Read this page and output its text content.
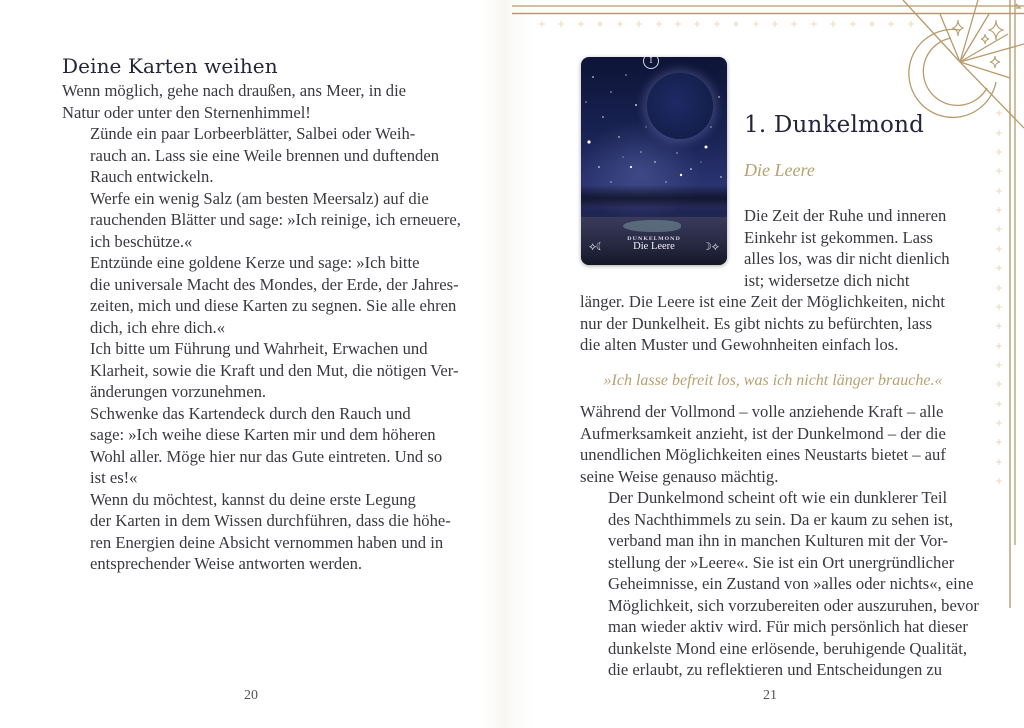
Deine Karten weihen

Wenn möglich, gehe nach draußen, ans Meer, in die
Natur oder unter den Sternenhimmel!

Zünde ein paar Lorbeerblätter, Salbei oder Weih-
rauch an. Lass sie eine Weile brennen und duftenden
Rauch entwickeln.

Werfe ein wenig Salz (am besten Meersalz) auf die
rauchenden Blätter und sage: »Ich reinige, ich erneuere,
ich beschütze.«

Entzünde eine goldene Kerze und sage: »Ich bitte
die universale Macht des Mondes, der Erde, der Jahres-
zeiten, mich und diese Karten zu segnen. Sie alle ehren
dich, ich ehre dich.«

Ich bitte um Führung und Wahrheit, Erwachen und
Klarheit, sowie die Kraft und den Mut, die nötigen Ver-
änderungen vorzunehmen.

Schwenke das Kartendeck durch den Rauch und
sage: »Ich weihe diese Karten mir und dem höheren
Wohl aller. Möge hier nur das Gute eintreten. Und so
ist es!«

Wenn du möchtest, kannst du deine erste Legung
der Karten in dem Wissen durchführen, dass die höhe-
ren Energien deine Absicht vernommen haben und in
entsprechender Weise antworten werden.

20	21
I
DUNKELMOND
Die Leere
⟡☾	☽⟡
1. Dunkelmond
Die Leere

Die Zeit der Ruhe und inneren
Einkehr ist gekommen. Lass
alles los, was dir nicht dienlich
ist; widersetze dich nicht

länger. Die Leere ist eine Zeit der Möglichkeiten, nicht
nur der Dunkelheit. Es gibt nichts zu befürchten, lass
die alten Muster und Gewohnheiten einfach los.

»Ich lasse befreit los, was ich nicht länger brauche.«

Während der Vollmond – volle anziehende Kraft – alle
Aufmerksamkeit anzieht, ist der Dunkelmond – der die
unendlichen Möglichkeiten eines Neustarts bietet – auf
seine Weise genauso mächtig.

Der Dunkelmond scheint oft wie ein dunklerer Teil
des Nachthimmels zu sein. Da er kaum zu sehen ist,
verband man ihn in manchen Kulturen mit der Vor-
stellung der »Leere«. Sie ist ein Ort unergründlicher
Geheimnisse, ein Zustand von »alles oder nichts«, eine
Möglichkeit, sich vorzubereiten oder auszuruhen, bevor
man wieder aktiv wird. Für mich persönlich hat dieser
dunkelste Mond eine erlösende, beruhigende Qualität,
die erlaubt, zu reflektieren und Entscheidungen zu
